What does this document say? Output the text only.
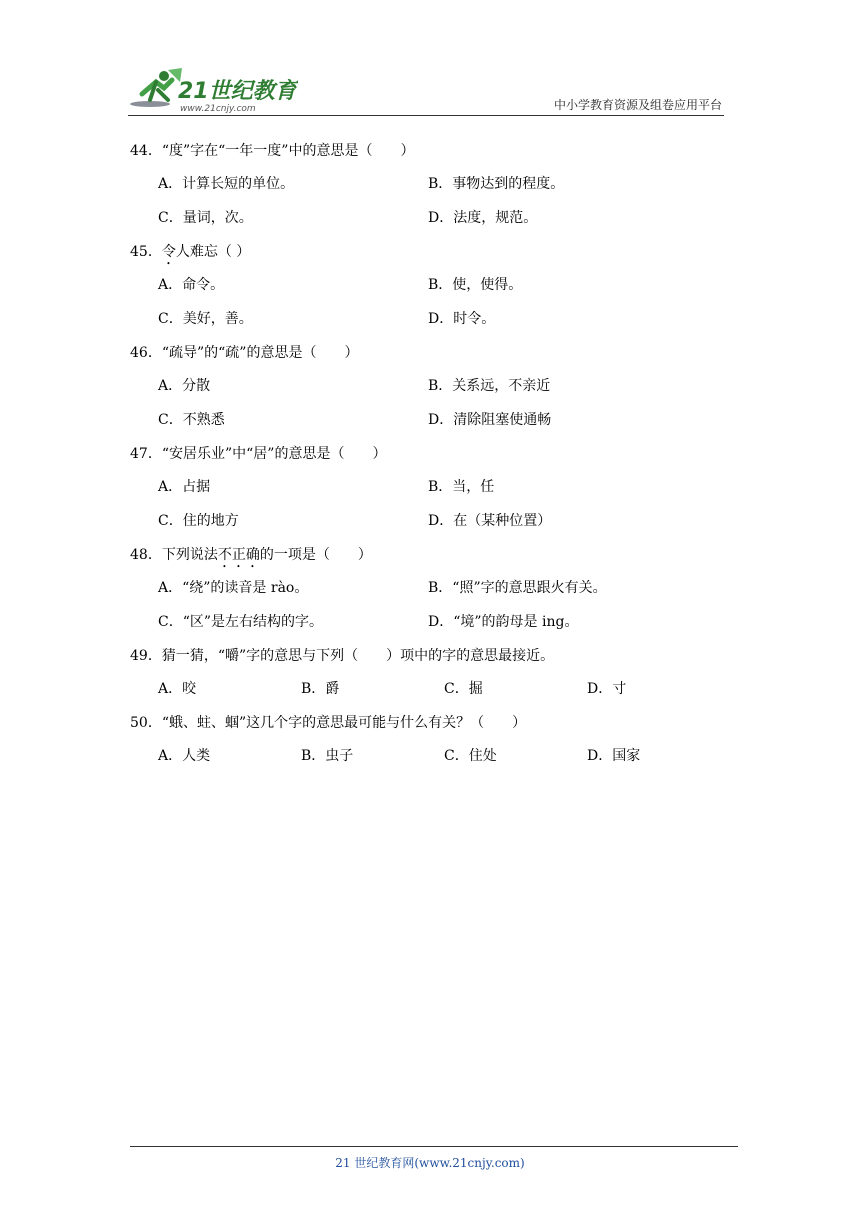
21世纪教育
www.21cnjy.com	中小学教育资源及组卷应用平台
44．“度”字在“一年一度”中的意思是（　　）
A．计算长短的单位。	B．事物达到的程度。
C．量词，次。	D．法度，规范。
45．令人难忘（ ）
A．命令。	B．使，使得。
C．美好，善。	D．时令。
46．“疏导”的“疏”的意思是（　　）
A．分散	B．关系远，不亲近
C．不熟悉	D．清除阻塞使通畅
47．“安居乐业”中“居”的意思是（　　）
A．占据	B．当，任
C．住的地方	D．在（某种位置）
48．下列说法不正确的一项是（　　）
A．“绕”的读音是 rào。	B．“照”字的意思跟火有关。
C．“区”是左右结构的字。	D．“境”的韵母是 ing。
49．猜一猜，“嚼”字的意思与下列（　　）项中的字的意思最接近。
A．咬	B．爵	C．掘	D．寸
50．“蛾、蛀、蝈”这几个字的意思最可能与什么有关？（　　）
A．人类	B．虫子	C．住处	D．国家
21 世纪教育网(www.21cnjy.com)
